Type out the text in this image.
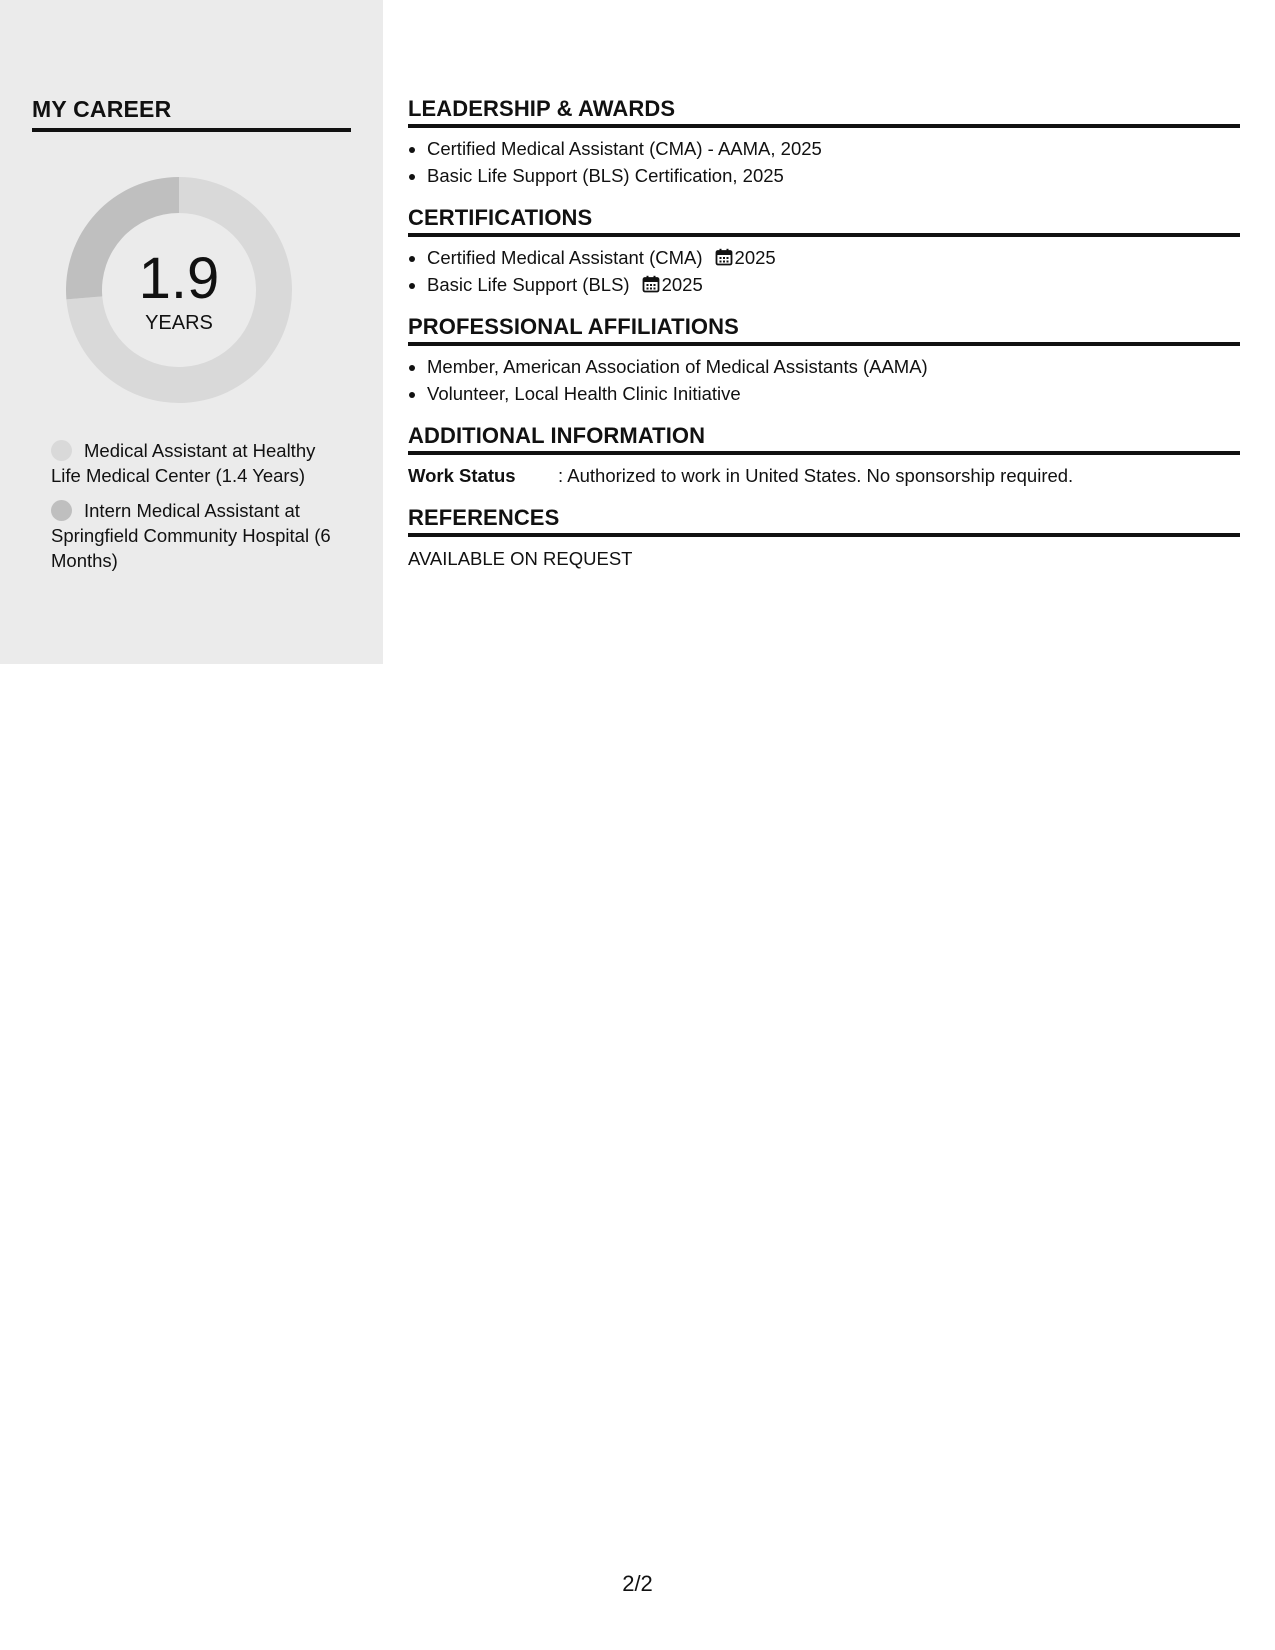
MY CAREER
1.9
YEARS
Medical Assistant at Healthy Life Medical Center (1.4 Years)
Intern Medical Assistant at Springfield Community Hospital (6 Months)
LEADERSHIP & AWARDS
• Certified Medical Assistant (CMA) - AAMA, 2025
• Basic Life Support (BLS) Certification, 2025
CERTIFICATIONS
• Certified Medical Assistant (CMA) 2025
• Basic Life Support (BLS) 2025
PROFESSIONAL AFFILIATIONS
• Member, American Association of Medical Assistants (AAMA)
• Volunteer, Local Health Clinic Initiative
ADDITIONAL INFORMATION
Work Status	: Authorized to work in United States. No sponsorship required.
REFERENCES
AVAILABLE ON REQUEST
2/2
